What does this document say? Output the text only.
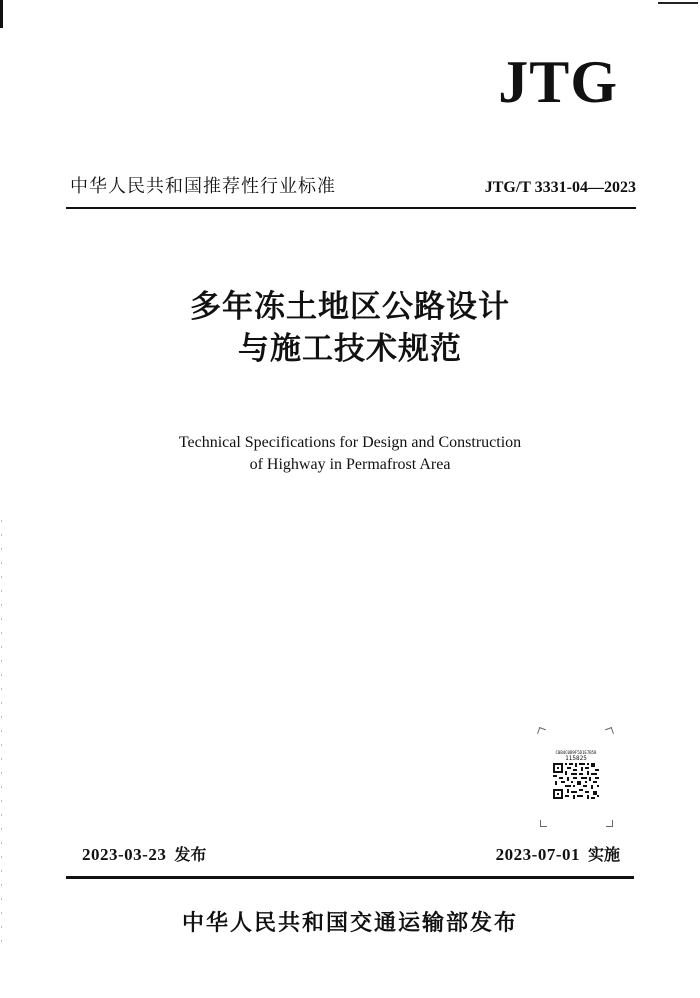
JTG
中华人民共和国推荐性行业标准	JTG/T 3331-04—2023
多年冻土地区公路设计
与施工技术规范
Technical Specifications for Design and Construction
of Highway in Permafrost Area
C0B4C0B9F5D1E7B58
115825
2023-03-23 发布	2023-07-01 实施
中华人民共和国交通运输部发布
